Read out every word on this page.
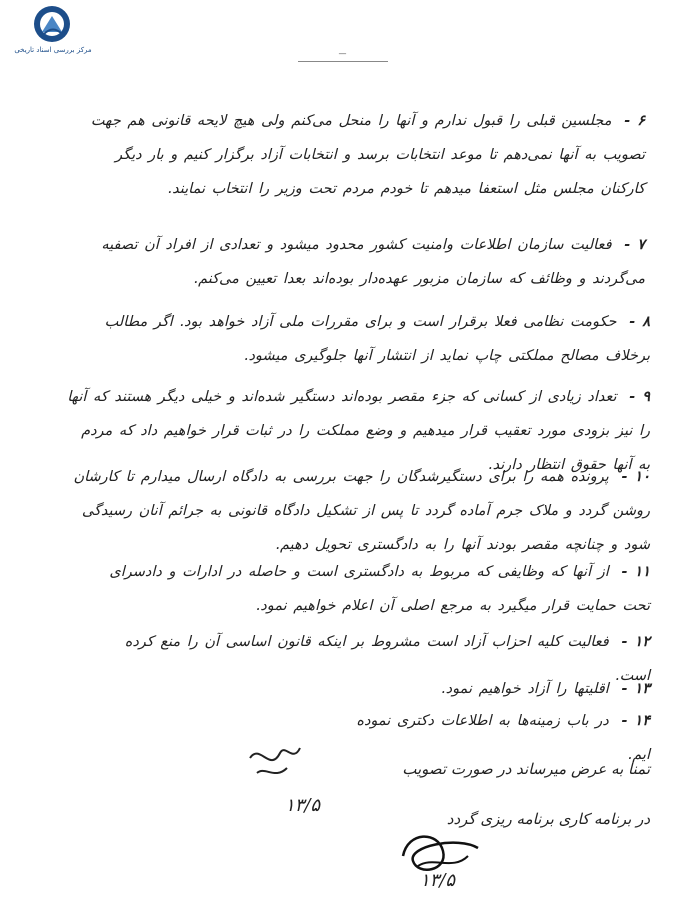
مرکز بررسی اسناد تاریخی	—
۶ - مجلسین قبلی را قبول ندارم و آنها را منحل می‌کنم ولی هیچ لایحه قانونی هم جهت تصویب به آنها نمی‌دهم تا موعد انتخابات برسد و انتخابات آزاد برگزار کنیم و بار دیگر کارکنان مجلس مثل استعفا میدهم تا خودم مردم تحت وزیر را انتخاب نمایند.
۷ - فعالیت سازمان اطلاعات وامنیت کشور محدود میشود و تعدادی از افراد آن تصفیه می‌گردند و وظائف که سازمان مزبور عهده‌دار بوده‌اند بعدا تعیین می‌کنم.
۸ - حکومت نظامی فعلا برقرار است و برای مقررات ملی آزاد خواهد بود. اگر مطالب برخلاف مصالح مملکتی چاپ نماید از انتشار آنها جلوگیری میشود.
۹ - تعداد زیادی از کسانی که جزء مقصر بوده‌اند دستگیر شده‌اند و خیلی دیگر هستند که آنها را نیز بزودی مورد تعقیب قرار میدهیم و وضع مملکت را در ثبات قرار خواهیم داد که مردم به آنها حقوق انتظار دارند.
۱۰ - پرونده همه را برای دستگیرشدگان را جهت بررسی به دادگاه ارسال میدارم تا کارشان روشن گردد و ملاک جرم آماده گردد تا پس از تشکیل دادگاه قانونی به جرائم آنان رسیدگی شود و چنانچه مقصر بودند آنها را به دادگستری تحویل دهیم.
۱۱ - از آنها که وظایفی که مربوط به دادگستری است و حاصله در ادارات و دادسرای تحت حمایت قرار میگیرد به مرجع اصلی آن اعلام خواهیم نمود.
۱۲ - فعالیت کلیه احزاب آزاد است مشروط بر اینکه قانون اساسی آن را منع کرده است.
۱۳ - اقلیتها را آزاد خواهیم نمود.
۱۴ - در باب زمینه‌ها به اطلاعات دکتری نموده ایم.
تمنا به عرض میرساند در صورت تصویب
در برنامه کاری برنامه ریزی گردد
۱۳/۵
۱۳/۵
